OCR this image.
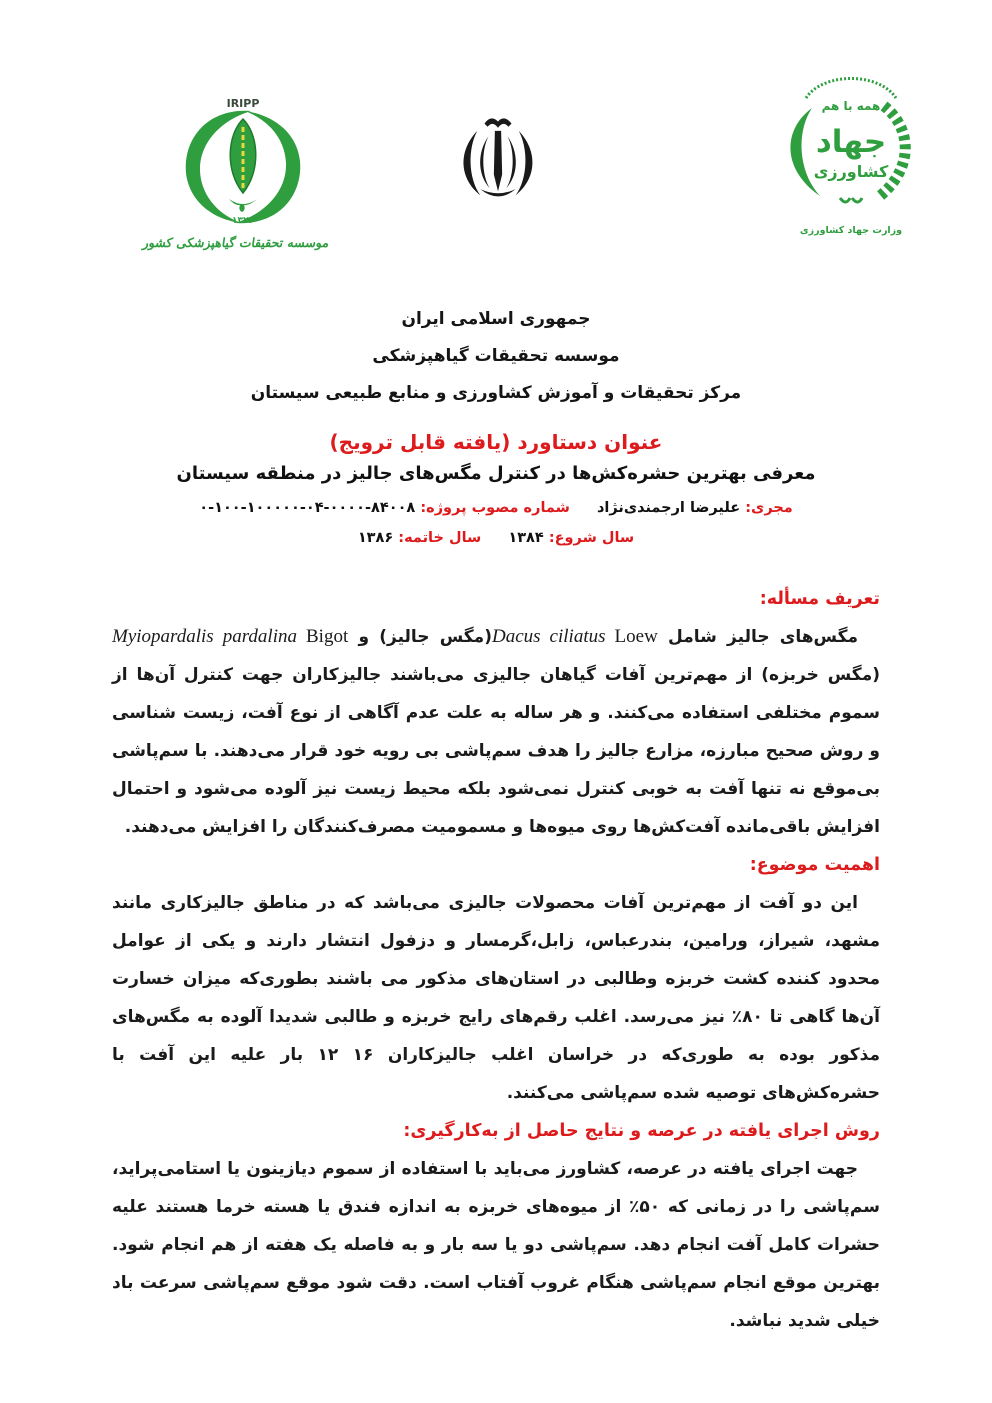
IRIPP
۱۳۲۲
موسسه تحقیقات گیاهپزشکی کشور
همه با هم
جهاد
کشاورزی
وزارت جهاد کشاورزی
جمهوری اسلامی ایران
موسسه تحقیقات گیاهپزشکی
مرکز تحقیقات و آموزش کشاورزی و منابع طبیعی سیستان
عنوان دستاورد (یافته قابل ترویج)
معرفی بهترین حشره‌کش‌ها در کنترل مگس‌های جالیز در منطقه سیستان
مجری: علیرضا ارجمندی‌نژاد شماره مصوب پروژه: ۸۴۰۰۸-۰۰۰۰-۰۴-۱۰۰۰۰۰-۱۰۰-۰
سال شروع: ۱۳۸۴ سال خاتمه: ۱۳۸۶
تعریف مسأله:

مگس‌های جالیز شامل Dacus ciliatus Loew(مگس جالیز) و Myiopardalis pardalina Bigot (مگس خربزه) از مهم‌ترین آفات گیاهان جالیزی می‌باشند جالیزکاران جهت کنترل آن‌ها از سموم مختلفی استفاده می‌کنند. و هر ساله به علت عدم آگاهی از نوع آفت، زیست شناسی و روش صحیح مبارزه، مزارع جالیز را هدف سم‌پاشی بی رویه خود قرار می‌دهند. با سم‌پاشی بی‌موقع نه تنها آفت به خوبی کنترل نمی‌شود بلکه محیط زیست نیز آلوده می‌شود و احتمال افزایش باقی‌مانده آفت‌کش‌ها روی میوه‌ها و مسمومیت مصرف‌کنندگان را افزایش می‌دهند.

اهمیت موضوع:

این دو آفت از مهم‌ترین آفات محصولات جالیزی می‌باشد که در مناطق جالیزکاری مانند مشهد، شیراز، ورامین، بندرعباس، زابل،گرمسار و دزفول انتشار دارند و یکی از عوامل محدود کننده کشت خربزه وطالبی در استان‌های مذکور می باشند بطوری‌که میزان خسارت آن‌ها گاهی تا ۸۰٪ نیز می‌رسد. اغلب رقم‌های رایج خربزه و طالبی شدیدا آلوده به مگس‌های مذکور بوده به طوری‌که در خراسان اغلب جالیزکاران ۱۶ ۱۲ بار علیه این آفت با حشره‌کش‌های توصیه شده سم‌پاشی می‌کنند.

روش اجرای یافته در عرصه و نتایج حاصل از به‌کارگیری:

جهت اجرای یافته در عرصه، کشاورز می‌باید با استفاده از سموم دیازینون یا استامی‌پراید، سم‌پاشی را در زمانی که ۵۰٪ از میوه‌های خربزه به اندازه فندق یا هسته خرما هستند علیه حشرات کامل آفت انجام دهد. سم‌پاشی دو یا سه بار و به فاصله یک هفته از هم انجام شود. بهترین موقع انجام سم‌پاشی هنگام غروب آفتاب است. دقت شود موقع سم‌پاشی سرعت باد خیلی شدید نباشد.
